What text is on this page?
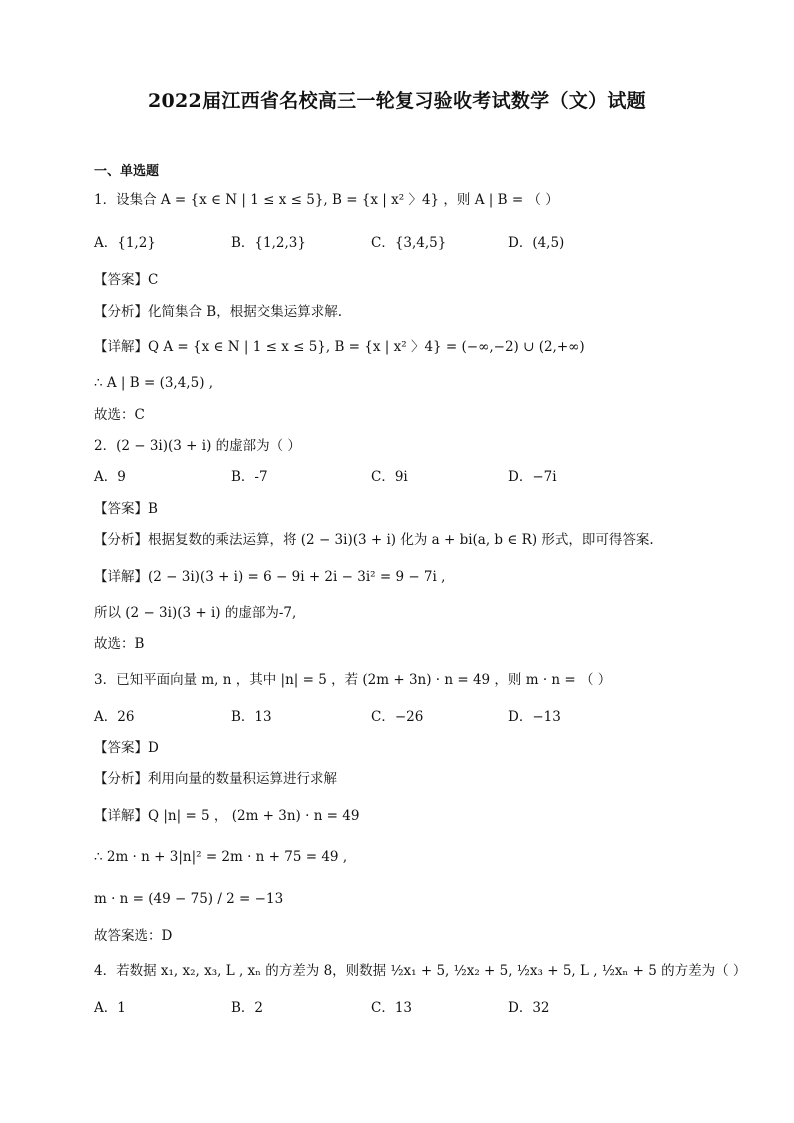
2022届江西省名校高三一轮复习验收考试数学（文）试题
一、单选题
1．设集合 A = {x ∈ N | 1 ≤ x ≤ 5}, B = {x | x² 〉4} ，则 A | B = （ ）
A．{1,2}	B．{1,2,3}	C．{3,4,5}	D．(4,5)
【答案】C
【分析】化简集合 B，根据交集运算求解.
【详解】Q A = {x ∈ N | 1 ≤ x ≤ 5}, B = {x | x² 〉4} = (−∞,−2) ∪ (2,+∞)
∴ A | B = (3,4,5) ,
故选：C
2．(2 − 3i)(3 + i) 的虚部为（ ）
A．9	B．-7	C．9i	D．−7i
【答案】B
【分析】根据复数的乘法运算，将 (2 − 3i)(3 + i) 化为 a + bi(a, b ∈ R) 形式，即可得答案.
【详解】(2 − 3i)(3 + i) = 6 − 9i + 2i − 3i² = 9 − 7i ,
所以 (2 − 3i)(3 + i) 的虚部为-7,
故选：B
3．已知平面向量 m, n ，其中 |n| = 5 ，若 (2m + 3n) · n = 49 ，则 m · n = （ ）
A．26	B．13	C．−26	D．−13
【答案】D
【分析】利用向量的数量积运算进行求解
【详解】Q |n| = 5 ， (2m + 3n) · n = 49
∴ 2m · n + 3|n|² = 2m · n + 75 = 49 ,
m · n = (49 − 75) / 2 = −13
故答案选：D
4．若数据 x₁, x₂, x₃, L , xₙ 的方差为 8，则数据 ½x₁ + 5, ½x₂ + 5, ½x₃ + 5, L , ½xₙ + 5 的方差为（ ）
A．1	B．2	C．13	D．32
